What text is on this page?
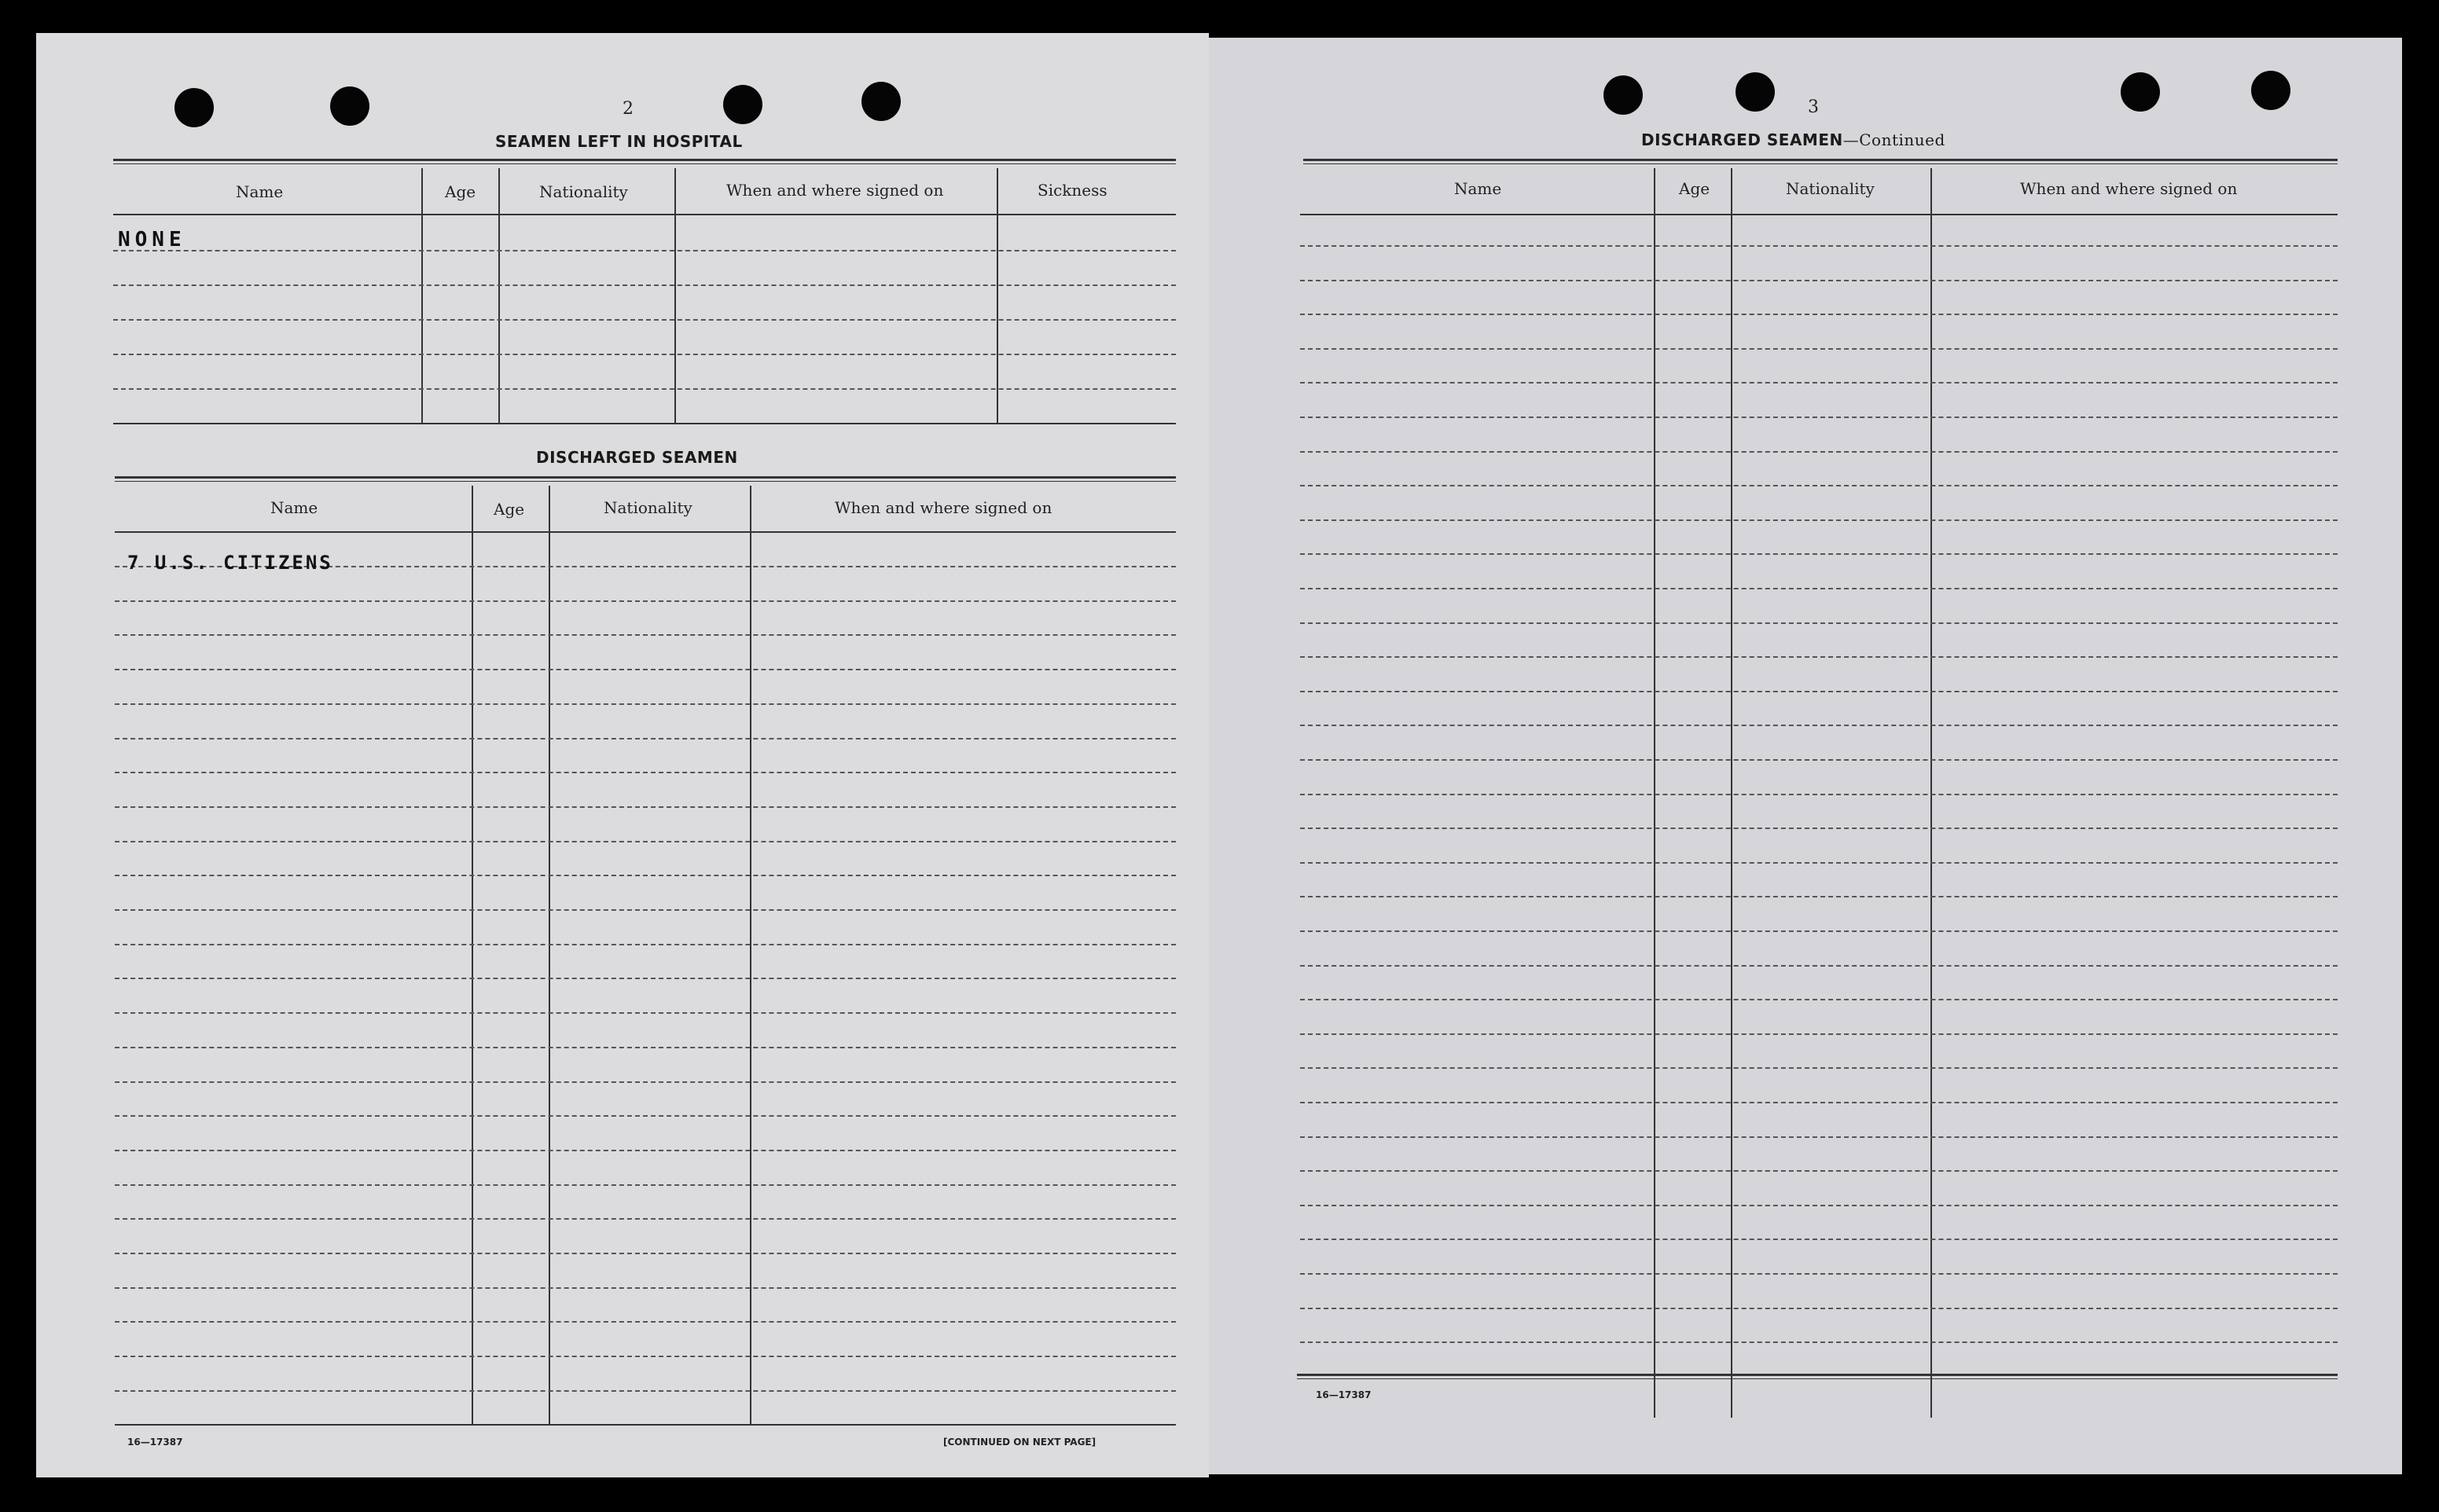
2
SEAMEN LEFT IN HOSPITAL
Name	Age	Nationality	When and where signed on	Sickness
NONE
DISCHARGED SEAMEN
Name	Age	Nationality	When and where signed on
7 U.S. CITIZENS
16—17387	[CONTINUED ON NEXT PAGE]
3
DISCHARGED SEAMEN—Continued
Name	Age	Nationality	When and where signed on
16—17387
